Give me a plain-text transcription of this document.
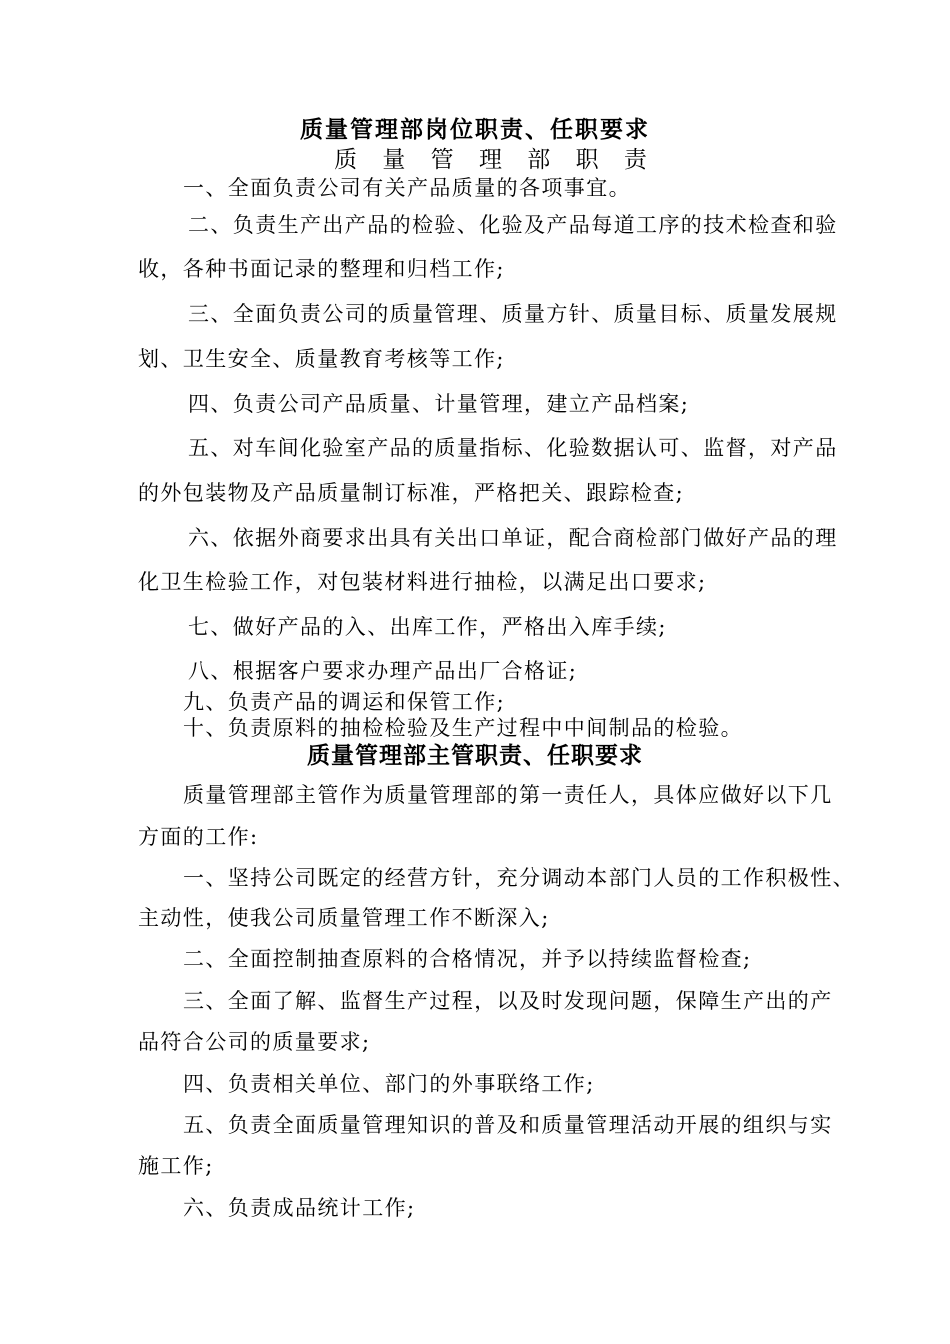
质量管理部岗位职责、任职要求
质 量 管 理 部 职 责

一、全面负责公司有关产品质量的各项事宜。

二、负责生产出产品的检验、化验及产品每道工序的技术检查和验

收，各种书面记录的整理和归档工作;

三、全面负责公司的质量管理、质量方针、质量目标、质量发展规

划、卫生安全、质量教育考核等工作;

四、负责公司产品质量、计量管理，建立产品档案;

五、对车间化验室产品的质量指标、化验数据认可、监督，对产品

的外包装物及产品质量制订标准，严格把关、跟踪检查;

六、依据外商要求出具有关出口单证，配合商检部门做好产品的理

化卫生检验工作，对包装材料进行抽检，以满足出口要求;

七、做好产品的入、出库工作，严格出入库手续;

八、根据客户要求办理产品出厂合格证;

九、负责产品的调运和保管工作;

十、负责原料的抽检检验及生产过程中中间制品的检验。

质量管理部主管职责、任职要求

质量管理部主管作为质量管理部的第一责任人，具体应做好以下几

方面的工作:

一、坚持公司既定的经营方针，充分调动本部门人员的工作积极性、

主动性，使我公司质量管理工作不断深入;

二、全面控制抽查原料的合格情况，并予以持续监督检查;

三、全面了解、监督生产过程，以及时发现问题，保障生产出的产

品符合公司的质量要求;

四、负责相关单位、部门的外事联络工作;

五、负责全面质量管理知识的普及和质量管理活动开展的组织与实

施工作;

六、负责成品统计工作;
